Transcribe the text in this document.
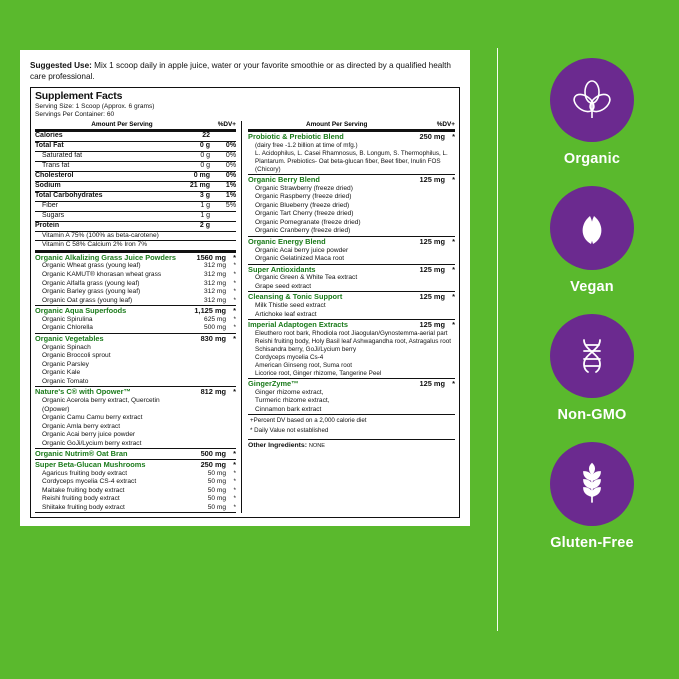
Suggested Use: Mix 1 scoop daily in apple juice, water or your favorite smoothie or as directed by a qualified health care professional.
Supplement Facts
Serving Size: 1 Scoop (Approx. 6 grams)
Servings Per Container: 60
Amount Per Serving	%DV+
Calories	22
Total Fat	0 g	0%
Saturated fat	0 g	0%
Trans fat	0 g	0%
Cholesterol	0 mg	0%
Sodium	21 mg	1%
Total Carbohydrates	3 g	1%
Fiber	1 g	5%
Sugars	1 g
Protein	2 g
Vitamin A 75% (100% as beta-carotene)
Vitamin C 58% Calcium 2% Iron 7%
Organic Alkalizing Grass Juice Powders	1560 mg *
Organic Wheat grass (young leaf)	312 mg	*
Organic KAMUT® khorasan wheat grass	312 mg	*
Organic Alfalfa grass (young leaf)	312 mg	*
Organic Barley grass (young leaf)	312 mg	*
Organic Oat grass (young leaf)	312 mg	*
Organic Aqua Superfoods	1,125 mg *
Organic Spirulina	625 mg	*
Organic Chlorella	500 mg	*
Organic Vegetables	830 mg *
Organic Spinach
Organic Broccoli sprout
Organic Parsley
Organic Kale
Organic Tomato
Nature's C® with Opower™	812 mg *
Organic Acerola berry extract, Quercetin (Opower)
Organic Camu Camu berry extract
Organic Amla berry extract
Organic Acai berry juice powder
Organic GoJi/Lycium berry extract
Organic Nutrim® Oat Bran	500 mg *
Super Beta-Glucan Mushrooms	250 mg *
Agaricus fruiting body extract	50 mg	*
Cordyceps mycelia CS-4 extract	50 mg	*
Maitake fruiting body extract	50 mg	*
Reishi fruiting body extract	50 mg	*
Shiitake fruiting body extract	50 mg	*
Amount Per Serving	%DV+
Probiotic & Prebiotic Blend	250 mg *
(dairy free -1.2 billion at time of mfg.)
L. Acidophilus, L. Casei Rhamnosus, B. Longum, S. Thermophilus, L. Plantarum. Prebiotics- Oat beta-glucan fiber, Beet fiber, Inulin FOS (Chicory)
Organic Berry Blend	125 mg *
Organic Strawberry (freeze dried)
Organic Raspberry (freeze dried)
Organic Blueberry (freeze dried)
Organic Tart Cherry (freeze dried)
Organic Pomegranate (freeze dried)
Organic Cranberry (freeze dried)
Organic Energy Blend	125 mg *
Organic Acai berry juice powder
Organic Gelatinized Maca root
Super Antioxidants	125 mg *
Organic Green & White Tea extract
Grape seed extract
Cleansing & Tonic Support	125 mg *
Milk Thistle seed extract
Artichoke leaf extract
Imperial Adaptogen Extracts	125 mg *
Eleuthero root bark, Rhodiola root Jiaogulan/Gynostemma-aerial part
Reishi fruiting body, Holy Basil leaf Ashwagandha root, Astragalus root
Schisandra berry, GoJi/Lycium berry
Cordyceps mycelia Cs-4
American Ginseng root, Suma root
Licorice root, Ginger rhizome, Tangerine Peel
GingerZyme™	125 mg *
Ginger rhizome extract,
Turmeric rhizome extract,
Cinnamon bark extract
+Percent DV based on a 2,000 calorie diet
* Daily Value not established
Other Ingredients: NONE
Organic
Vegan
Non-GMO
Gluten-Free
